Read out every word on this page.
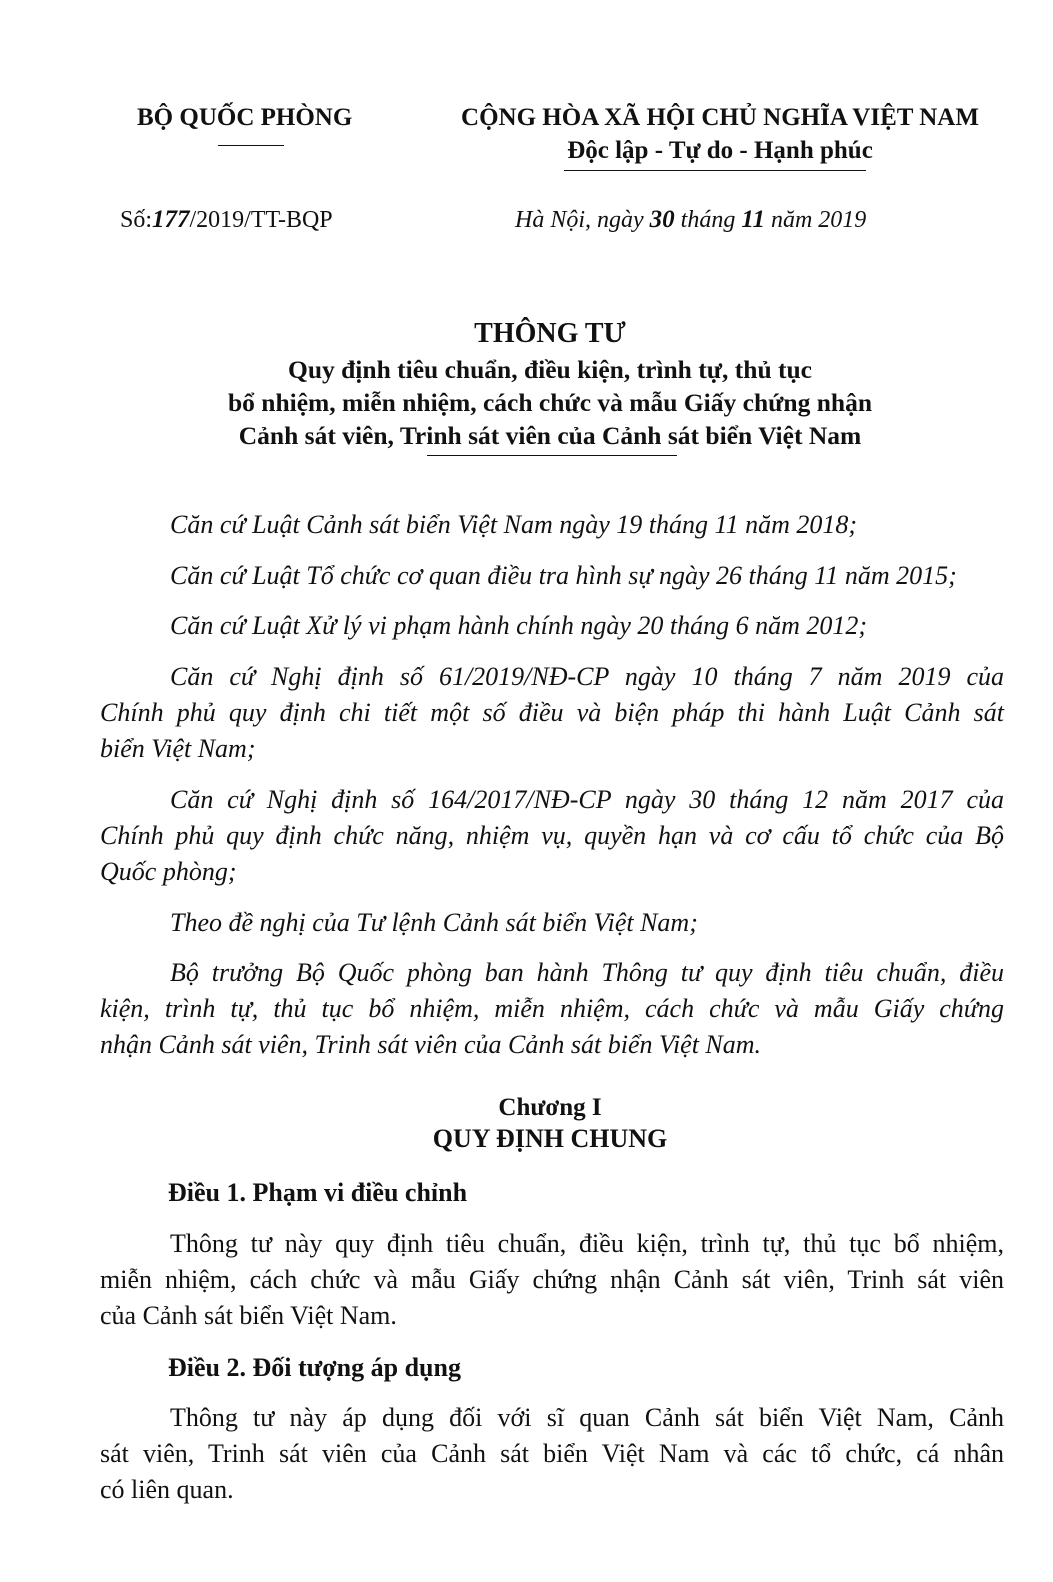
BỘ QUỐC PHÒNG	CỘNG HÒA XÃ HỘI CHỦ NGHĨA VIỆT NAM
Độc lập - Tự do - Hạnh phúc
Số:177/2019/TT-BQP	Hà Nội, ngày 30 tháng 11 năm 2019
THÔNG TƯ
Quy định tiêu chuẩn, điều kiện, trình tự, thủ tục
bổ nhiệm, miễn nhiệm, cách chức và mẫu Giấy chứng nhận
Cảnh sát viên, Trinh sát viên của Cảnh sát biển Việt Nam
Căn cứ Luật Cảnh sát biển Việt Nam ngày 19 tháng 11 năm 2018;
Căn cứ Luật Tổ chức cơ quan điều tra hình sự ngày 26 tháng 11 năm 2015;
Căn cứ Luật Xử lý vi phạm hành chính ngày 20 tháng 6 năm 2012;
Căn cứ Nghị định số 61/2019/NĐ-CP ngày 10 tháng 7 năm 2019 của
Chính phủ quy định chi tiết một số điều và biện pháp thi hành Luật Cảnh sát
biển Việt Nam;
Căn cứ Nghị định số 164/2017/NĐ-CP ngày 30 tháng 12 năm 2017 của
Chính phủ quy định chức năng, nhiệm vụ, quyền hạn và cơ cấu tổ chức của Bộ
Quốc phòng;
Theo đề nghị của Tư lệnh Cảnh sát biển Việt Nam;
Bộ trưởng Bộ Quốc phòng ban hành Thông tư quy định tiêu chuẩn, điều
kiện, trình tự, thủ tục bổ nhiệm, miễn nhiệm, cách chức và mẫu Giấy chứng
nhận Cảnh sát viên, Trinh sát viên của Cảnh sát biển Việt Nam.
Chương I
QUY ĐỊNH CHUNG
Điều 1. Phạm vi điều chỉnh
Thông tư này quy định tiêu chuẩn, điều kiện, trình tự, thủ tục bổ nhiệm,
miễn nhiệm, cách chức và mẫu Giấy chứng nhận Cảnh sát viên, Trinh sát viên
của Cảnh sát biển Việt Nam.
Điều 2. Đối tượng áp dụng
Thông tư này áp dụng đối với sĩ quan Cảnh sát biển Việt Nam, Cảnh
sát viên, Trinh sát viên của Cảnh sát biển Việt Nam và các tổ chức, cá nhân
có liên quan.
